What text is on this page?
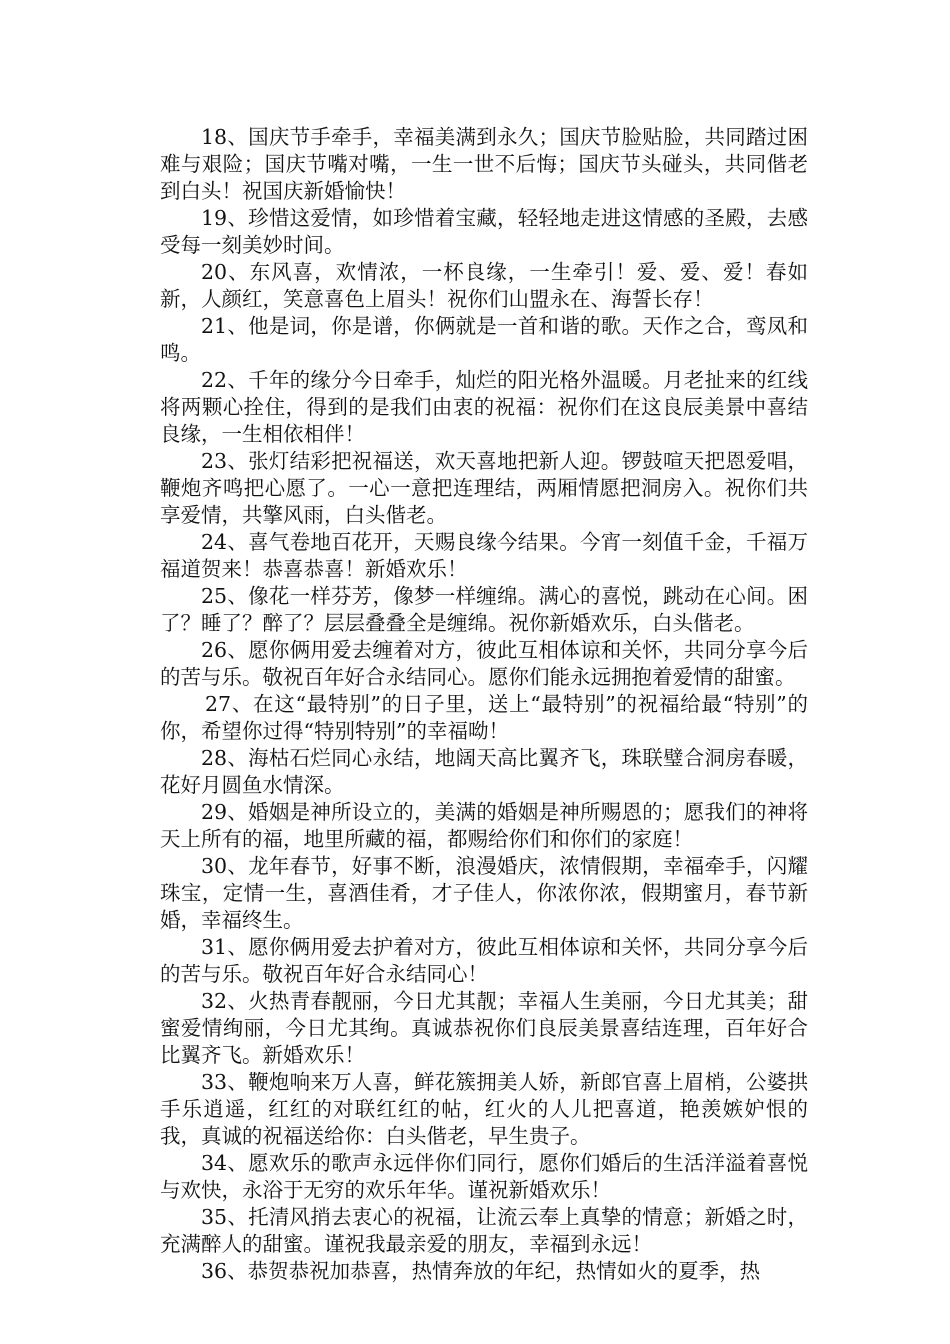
18、国庆节手牵手，幸福美满到永久；国庆节脸贴脸，共同踏过困难与艰险；国庆节嘴对嘴，一生一世不后悔；国庆节头碰头，共同偕老到白头！祝国庆新婚愉快！

19、珍惜这爱情，如珍惜着宝藏，轻轻地走进这情感的圣殿，去感受每一刻美妙时间。

20、东风喜，欢情浓，一杯良缘，一生牵引！爱、爱、爱！春如新，人颜红，笑意喜色上眉头！祝你们山盟永在、海誓长存！

21、他是词，你是谱，你俩就是一首和谐的歌。天作之合，鸾凤和鸣。

22、千年的缘分今日牵手，灿烂的阳光格外温暖。月老扯来的红线将两颗心拴住，得到的是我们由衷的祝福：祝你们在这良辰美景中喜结良缘，一生相依相伴！

23、张灯结彩把祝福送，欢天喜地把新人迎。锣鼓喧天把恩爱唱，鞭炮齐鸣把心愿了。一心一意把连理结，两厢情愿把洞房入。祝你们共享爱情，共擎风雨，白头偕老。

24、喜气卷地百花开，天赐良缘今结果。今宵一刻值千金，千福万福道贺来！恭喜恭喜！新婚欢乐！

25、像花一样芬芳，像梦一样缠绵。满心的喜悦，跳动在心间。困了？睡了？醉了？层层叠叠全是缠绵。祝你新婚欢乐，白头偕老。

26、愿你俩用爱去缠着对方，彼此互相体谅和关怀，共同分享今后的苦与乐。敬祝百年好合永结同心。愿你们能永远拥抱着爱情的甜蜜。

27、在这“最特别”的日子里，送上“最特别”的祝福给最“特别”的你，希望你过得“特别特别”的幸福呦！

28、海枯石烂同心永结，地阔天高比翼齐飞，珠联璧合洞房春暖，花好月圆鱼水情深。

29、婚姻是神所设立的，美满的婚姻是神所赐恩的；愿我们的神将天上所有的福，地里所藏的福，都赐给你们和你们的家庭！

30、龙年春节，好事不断，浪漫婚庆，浓情假期，幸福牵手，闪耀珠宝，定情一生，喜酒佳肴，才子佳人，你浓你浓，假期蜜月，春节新婚，幸福终生。

31、愿你俩用爱去护着对方，彼此互相体谅和关怀，共同分享今后的苦与乐。敬祝百年好合永结同心！

32、火热青春靓丽，今日尤其靓；幸福人生美丽，今日尤其美；甜蜜爱情绚丽，今日尤其绚。真诚恭祝你们良辰美景喜结连理，百年好合比翼齐飞。新婚欢乐！

33、鞭炮响来万人喜，鲜花簇拥美人娇，新郎官喜上眉梢，公婆拱手乐逍遥，红红的对联红红的帖，红火的人儿把喜道，艳羡嫉妒恨的我，真诚的祝福送给你：白头偕老，早生贵子。

34、愿欢乐的歌声永远伴你们同行，愿你们婚后的生活洋溢着喜悦与欢快，永浴于无穷的欢乐年华。谨祝新婚欢乐！

35、托清风捎去衷心的祝福，让流云奉上真挚的情意；新婚之时，充满醉人的甜蜜。谨祝我最亲爱的朋友，幸福到永远！

36、恭贺恭祝加恭喜，热情奔放的年纪，热情如火的夏季，热
